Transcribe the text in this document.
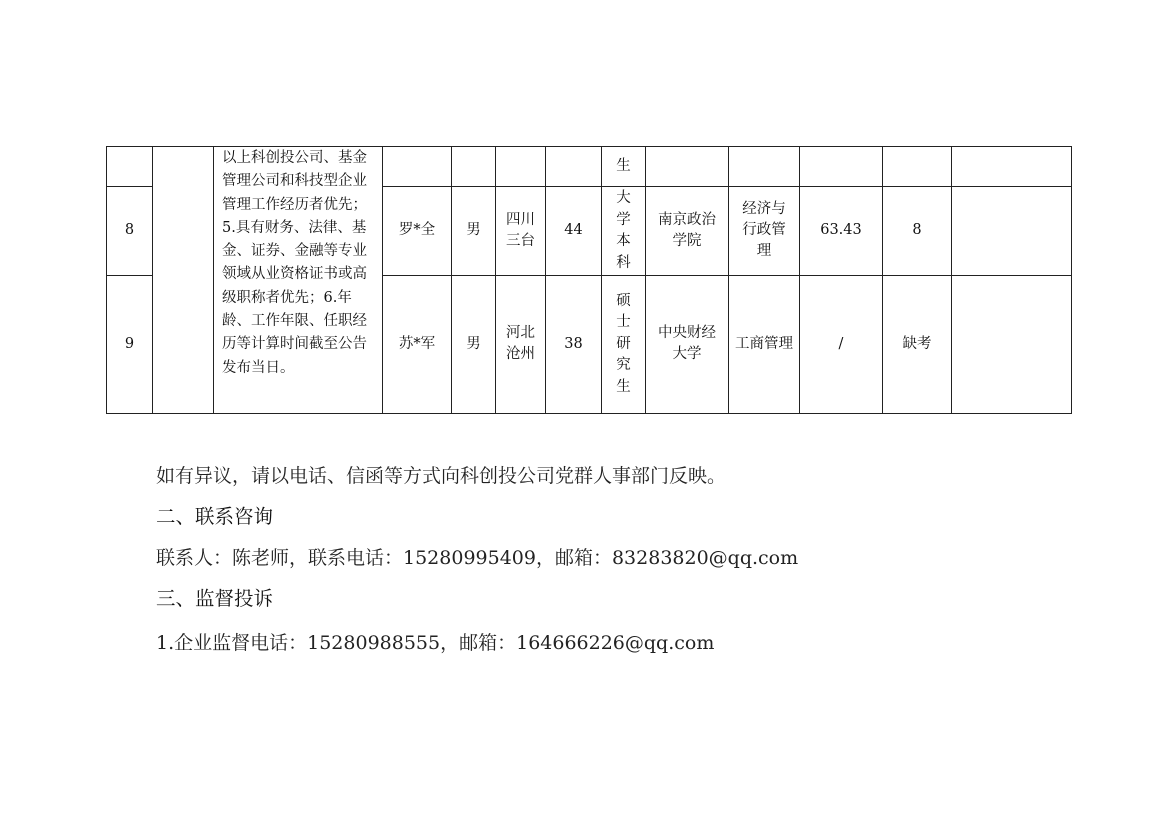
		以上科创投公司、基金管理公司和科技型企业管理工作经历者优先；5.具有财务、法律、基金、证券、金融等专业领域从业资格证书或高级职称者优先；6.年龄、工作年限、任职经历等计算时间截至公告发布当日。					生					
8			罗*全	男	四川三台	44	大学本科	南京政治学院	经济与行政管理	63.43	8	
9			苏*军	男	河北沧州	38	硕士研究生	中央财经大学	工商管理	/	缺考	

如有异议，请以电话、信函等方式向科创投公司党群人事部门反映。

二、联系咨询

联系人：陈老师，联系电话：15280995409，邮箱：83283820@qq.com

三、监督投诉

1.企业监督电话：15280988555，邮箱：164666226@qq.com
